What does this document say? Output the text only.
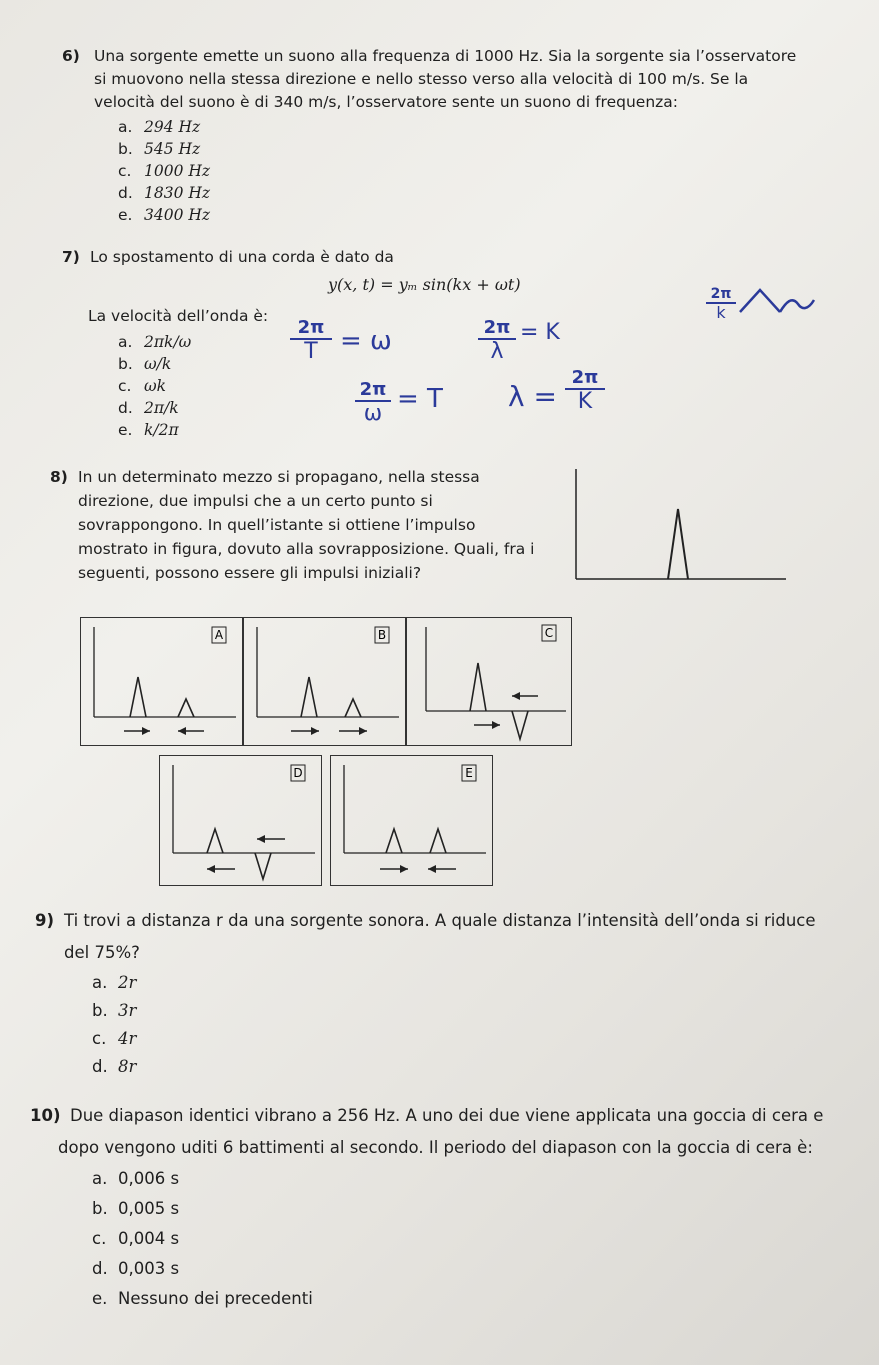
6) Una sorgente emette un suono alla frequenza di 1000 Hz. Sia la sorgente sia l’osservatore
si muovono nella stessa direzione e nello stesso verso alla velocità di 100 m/s. Se la
velocità del suono è di 340 m/s, l’osservatore sente un suono di frequenza:
a. 294 Hz
b. 545 Hz
c. 1000 Hz
d. 1830 Hz
e. 3400 Hz
7) Lo spostamento di una corda è dato da
y(x, t) = yₘ sin(kx + ωt)
La velocità dell’onda è:
a. 2πk/ω
b. ω/k
c. ωk
d. 2π/k
e. k/2π
2π
T = ω	2π
λ
= K
2π
ω = T λ =
2π
K
2π
k
8) In un determinato mezzo si propagano, nella stessa
direzione, due impulsi che a un certo punto si
sovrappongono. In quell’istante si ottiene l’impulso
mostrato in figura, dovuto alla sovrapposizione. Quali, fra i
seguenti, possono essere gli impulsi iniziali?
A	B	C
D	E
9) Ti trovi a distanza r da una sorgente sonora. A quale distanza l’intensità dell’onda si riduce
del 75%?
a. 2r
b. 3r
c. 4r
d. 8r
10) Due diapason identici vibrano a 256 Hz. A uno dei due viene applicata una goccia di cera e
dopo vengono uditi 6 battimenti al secondo. Il periodo del diapason con la goccia di cera è:
a. 0,006 s
b. 0,005 s
c. 0,004 s
d. 0,003 s
e. Nessuno dei precedenti
